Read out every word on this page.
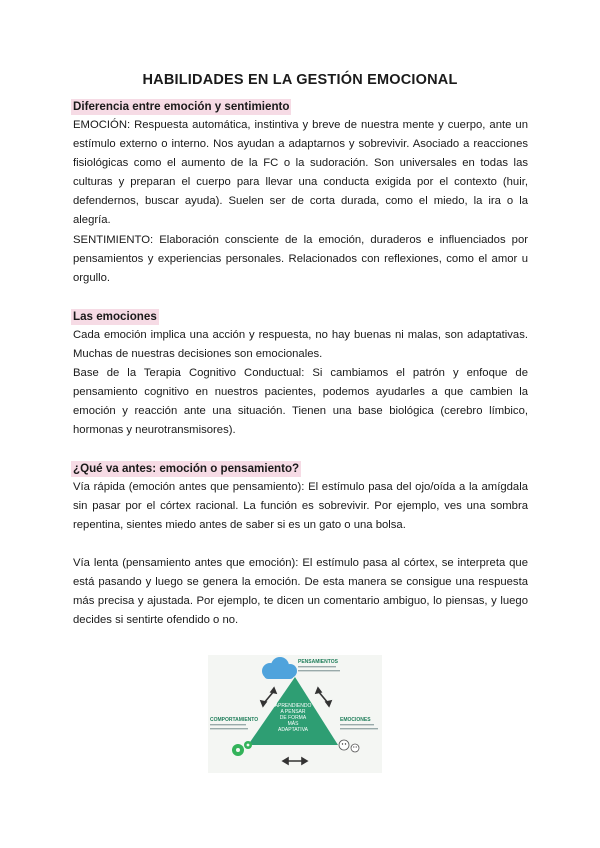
HABILIDADES EN LA GESTIÓN EMOCIONAL
Diferencia entre emoción y sentimiento

EMOCIÓN: Respuesta automática, instintiva y breve de nuestra mente y cuerpo, ante un estímulo externo o interno. Nos ayudan a adaptarnos y sobrevivir. Asociado a reacciones fisiológicas como el aumento de la FC o la sudoración. Son universales en todas las culturas y preparan el cuerpo para llevar una conducta exigida por el contexto (huir, defendernos, buscar ayuda). Suelen ser de corta durada, como el miedo, la ira o la alegría.

SENTIMIENTO: Elaboración consciente de la emoción, duraderos e influenciados por pensamientos y experiencias personales. Relacionados con reflexiones, como el amor u orgullo.

Las emociones

Cada emoción implica una acción y respuesta, no hay buenas ni malas, son adaptativas. Muchas de nuestras decisiones son emocionales.

Base de la Terapia Cognitivo Conductual: Si cambiamos el patrón y enfoque de pensamiento cognitivo en nuestros pacientes, podemos ayudarles a que cambien la emoción y reacción ante una situación. Tienen una base biológica (cerebro límbico, hormonas y neurotransmisores).

¿Qué va antes: emoción o pensamiento?

Vía rápida (emoción antes que pensamiento): El estímulo pasa del ojo/oída a la amígdala sin pasar por el córtex racional. La función es sobrevivir. Por ejemplo, ves una sombra repentina, sientes miedo antes de saber si es un gato o una bolsa.

Vía lenta (pensamiento antes que emoción): El estímulo pasa al córtex, se interpreta que está pasando y luego se genera la emoción. De esta manera se consigue una respuesta más precisa y ajustada. Por ejemplo, te dicen un comentario ambiguo, lo piensas, y luego decides si sentirte ofendido o no.

PENSAMIENTOS
APRENDIENDO
A PENSAR
DE FORMA
MÁS
ADAPTATIVA
COMPORTAMIENTO	EMOCIONES
